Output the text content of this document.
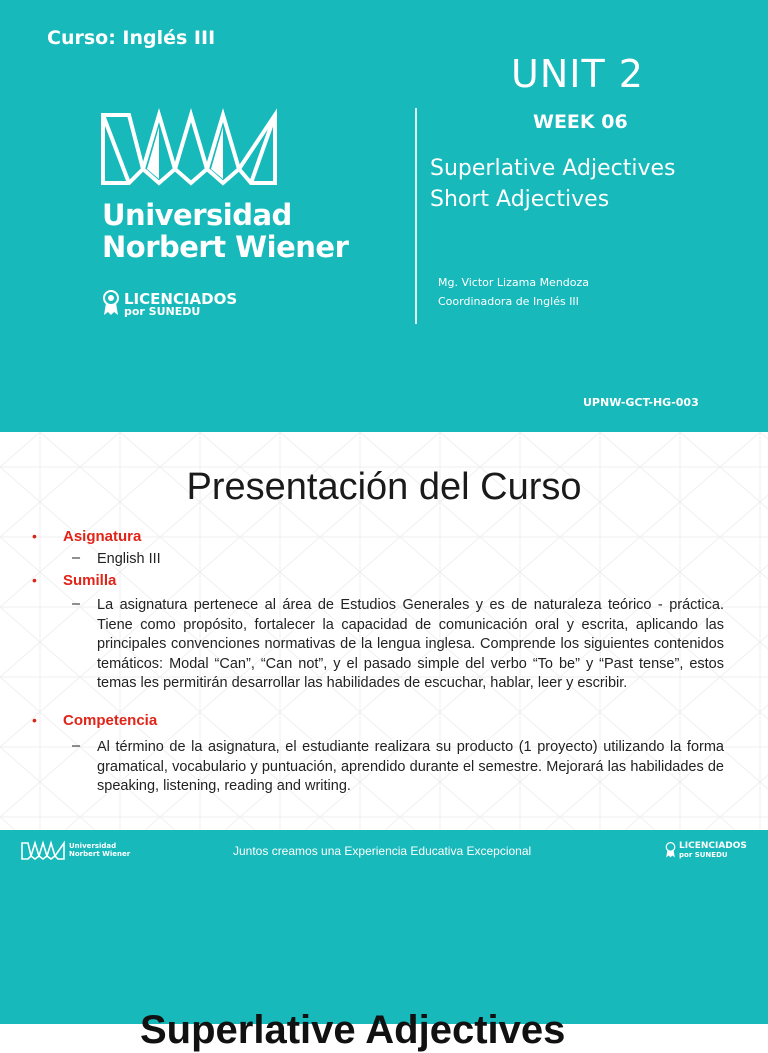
Curso: Inglés III
Universidad
Norbert Wiener
LICENCIADOS
por SUNEDU
UNIT 2
WEEK 06
Superlative Adjectives
Short Adjectives
Mg. Victor Lizama Mendoza
Coordinadora de Inglés III
UPNW-GCT-HG-003
Presentación del Curso
• Asignatura
– English III
• Sumilla
– La asignatura pertenece al área de Estudios Generales y es de naturaleza teórico - práctica. Tiene como propósito, fortalecer la capacidad de comunicación oral y escrita, aplicando las principales convenciones normativas de la lengua inglesa. Comprende los siguientes contenidos temáticos: Modal “Can”, “Can not”, y el pasado simple del verbo “To be” y “Past tense”, estos temas les permitirán desarrollar las habilidades de escuchar, hablar, leer y escribir.
• Competencia
– Al término de la asignatura, el estudiante realizara su producto (1 proyecto) utilizando la forma gramatical, vocabulario y puntuación, aprendido durante el semestre. Mejorará las habilidades de speaking, listening, reading and writing.
Universidad
Norbert Wiener	Juntos creamos una Experiencia Educativa Excepcional	LICENCIADOS
por SUNEDU
Superlative Adjectives
